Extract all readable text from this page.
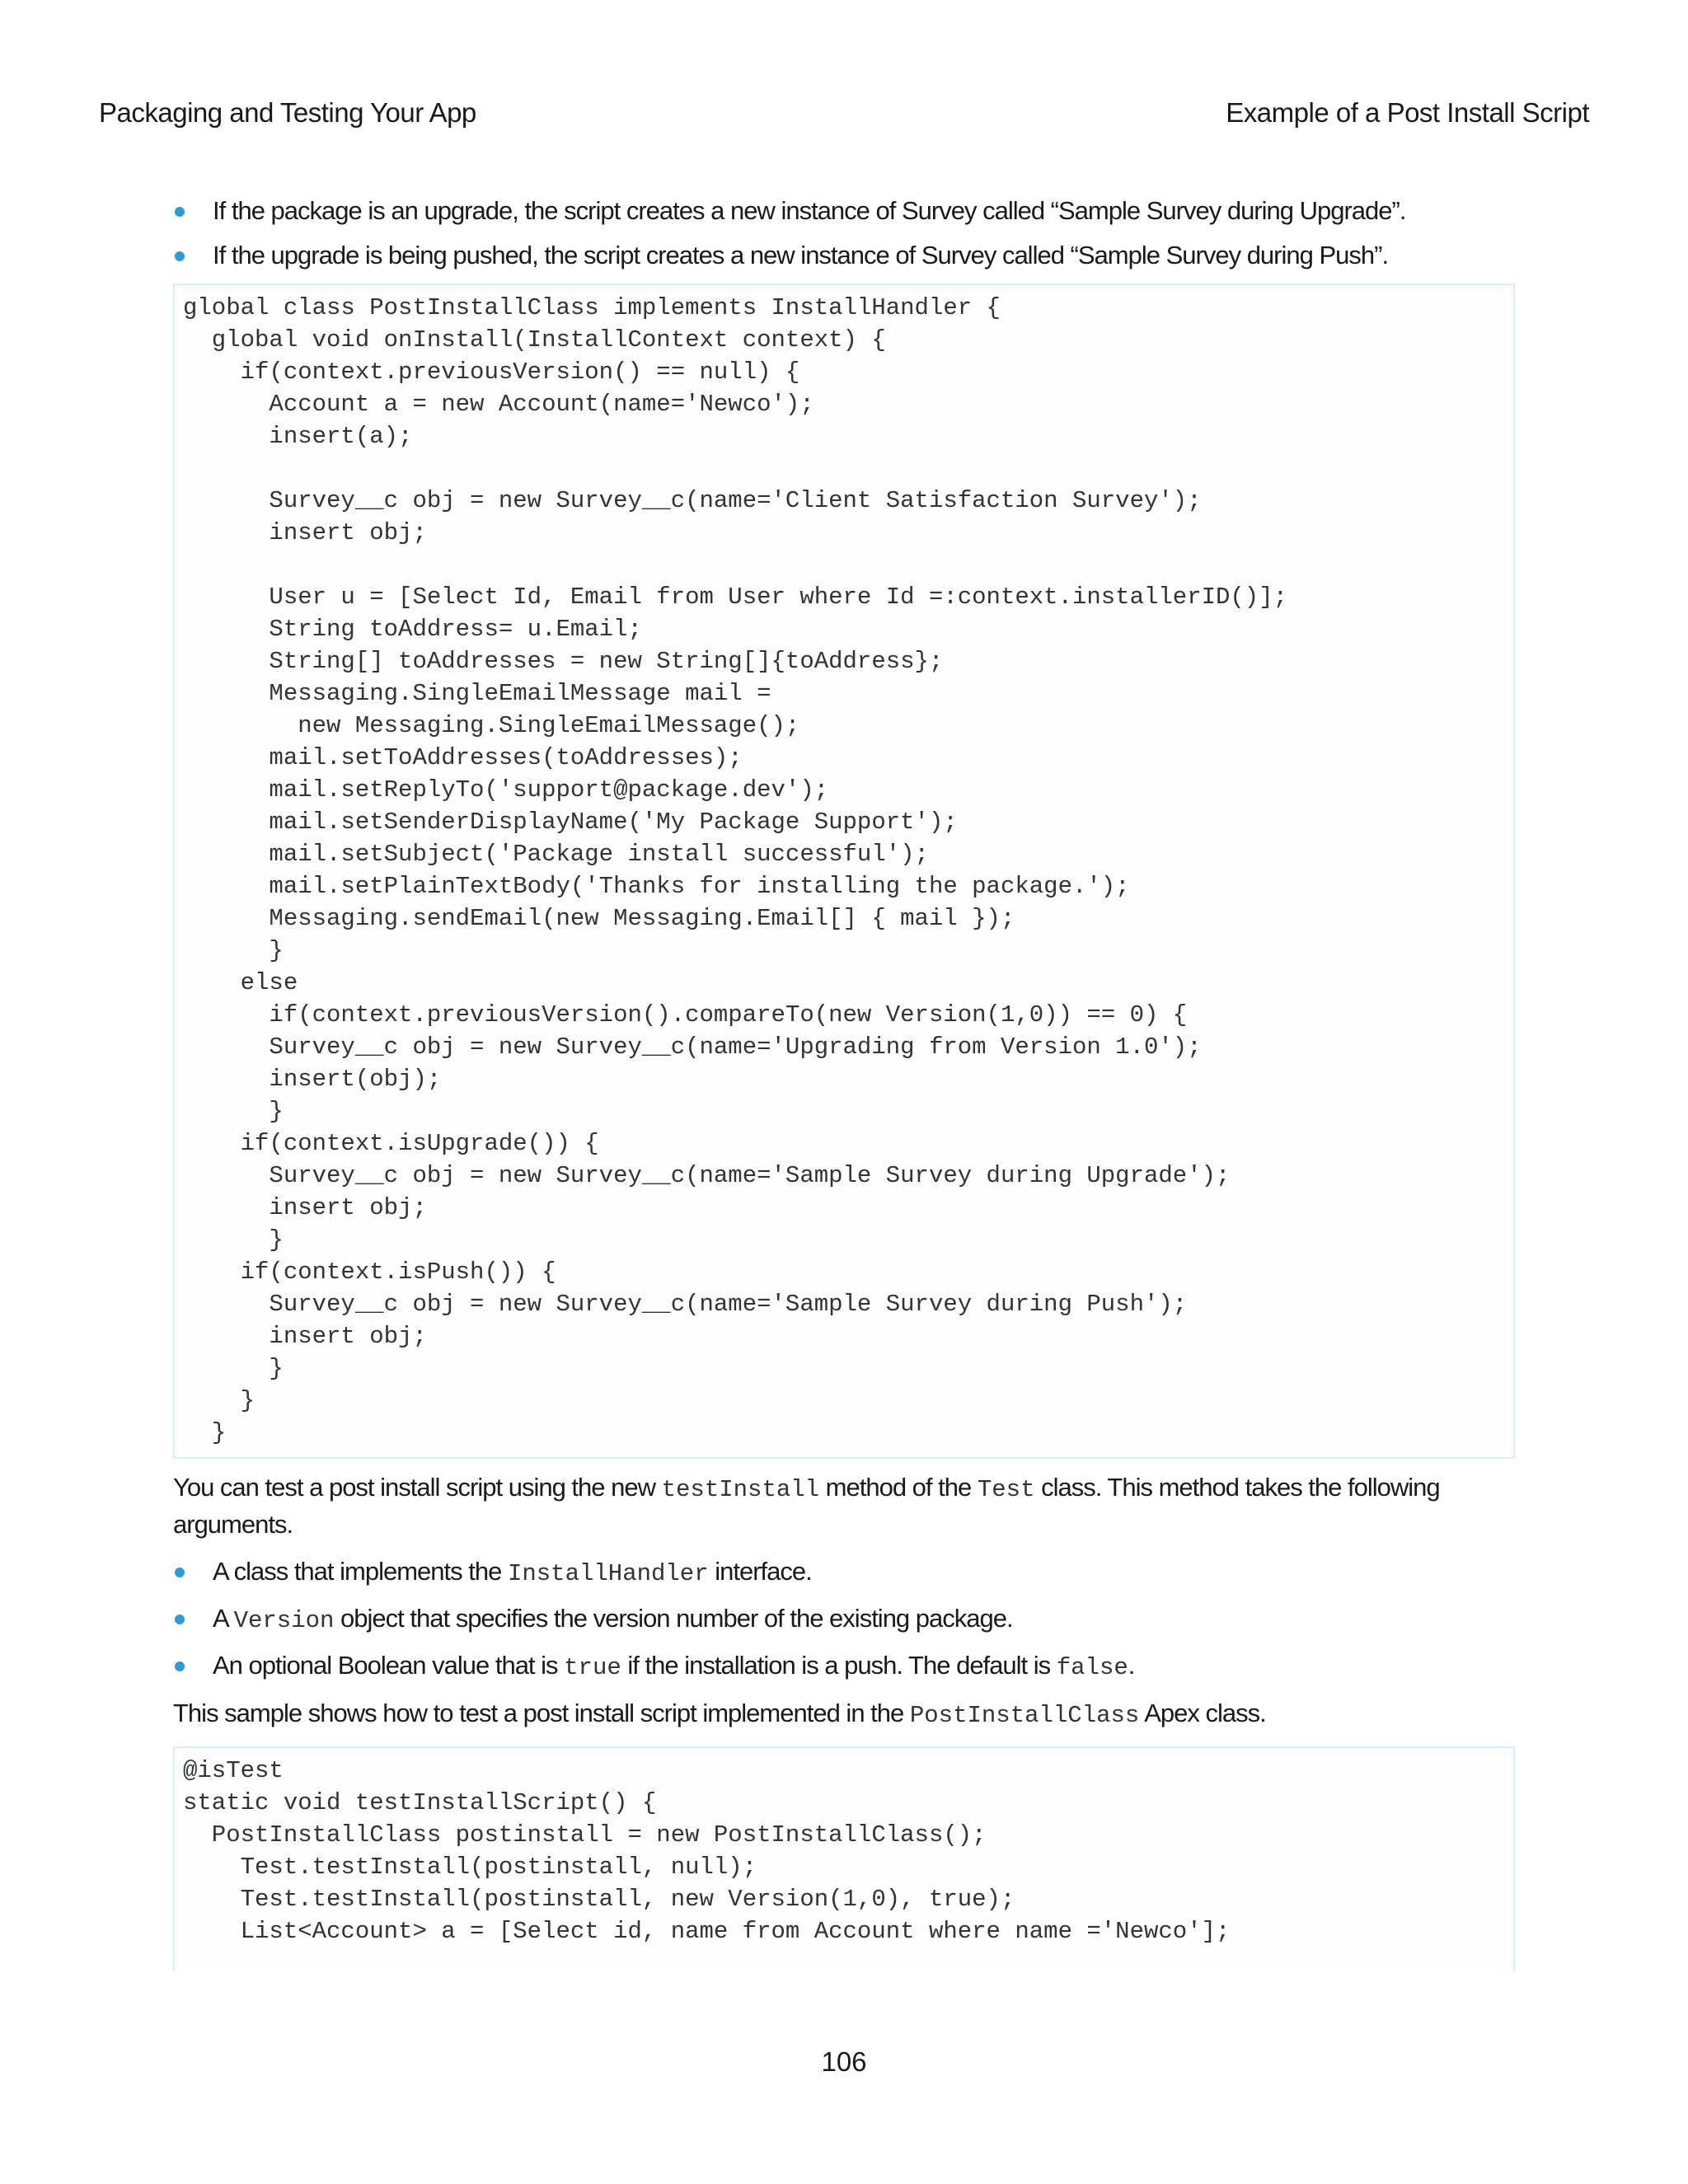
Packaging and Testing Your App	Example of a Post Install Script
If the package is an upgrade, the script creates a new instance of Survey called “Sample Survey during Upgrade”.
If the upgrade is being pushed, the script creates a new instance of Survey called “Sample Survey during Push”.
global class PostInstallClass implements InstallHandler {
global void onInstall(InstallContext context) {
if(context.previousVersion() == null) {
Account a = new Account(name='Newco');
insert(a);
Survey__c obj = new Survey__c(name='Client Satisfaction Survey');
insert obj;
User u = [Select Id, Email from User where Id =:context.installerID()];
String toAddress= u.Email;
String[] toAddresses = new String[]{toAddress};
Messaging.SingleEmailMessage mail =
new Messaging.SingleEmailMessage();
mail.setToAddresses(toAddresses);
mail.setReplyTo('support@package.dev');
mail.setSenderDisplayName('My Package Support');
mail.setSubject('Package install successful');
mail.setPlainTextBody('Thanks for installing the package.');
Messaging.sendEmail(new Messaging.Email[] { mail });
}
else
if(context.previousVersion().compareTo(new Version(1,0)) == 0) {
Survey__c obj = new Survey__c(name='Upgrading from Version 1.0');
insert(obj);
}
if(context.isUpgrade()) {
Survey__c obj = new Survey__c(name='Sample Survey during Upgrade');
insert obj;
}
if(context.isPush()) {
Survey__c obj = new Survey__c(name='Sample Survey during Push');
insert obj;
}
}
}

You can test a post install script using the new testInstall method of the Test class. This method takes the following arguments.

A class that implements the InstallHandler interface.
A Version object that specifies the version number of the existing package.
An optional Boolean value that is true if the installation is a push. The default is false.

This sample shows how to test a post install script implemented in the PostInstallClass Apex class.

@isTest
static void testInstallScript() {
PostInstallClass postinstall = new PostInstallClass();
Test.testInstall(postinstall, null);
Test.testInstall(postinstall, new Version(1,0), true);
List<Account> a = [Select id, name from Account where name ='Newco'];
106
